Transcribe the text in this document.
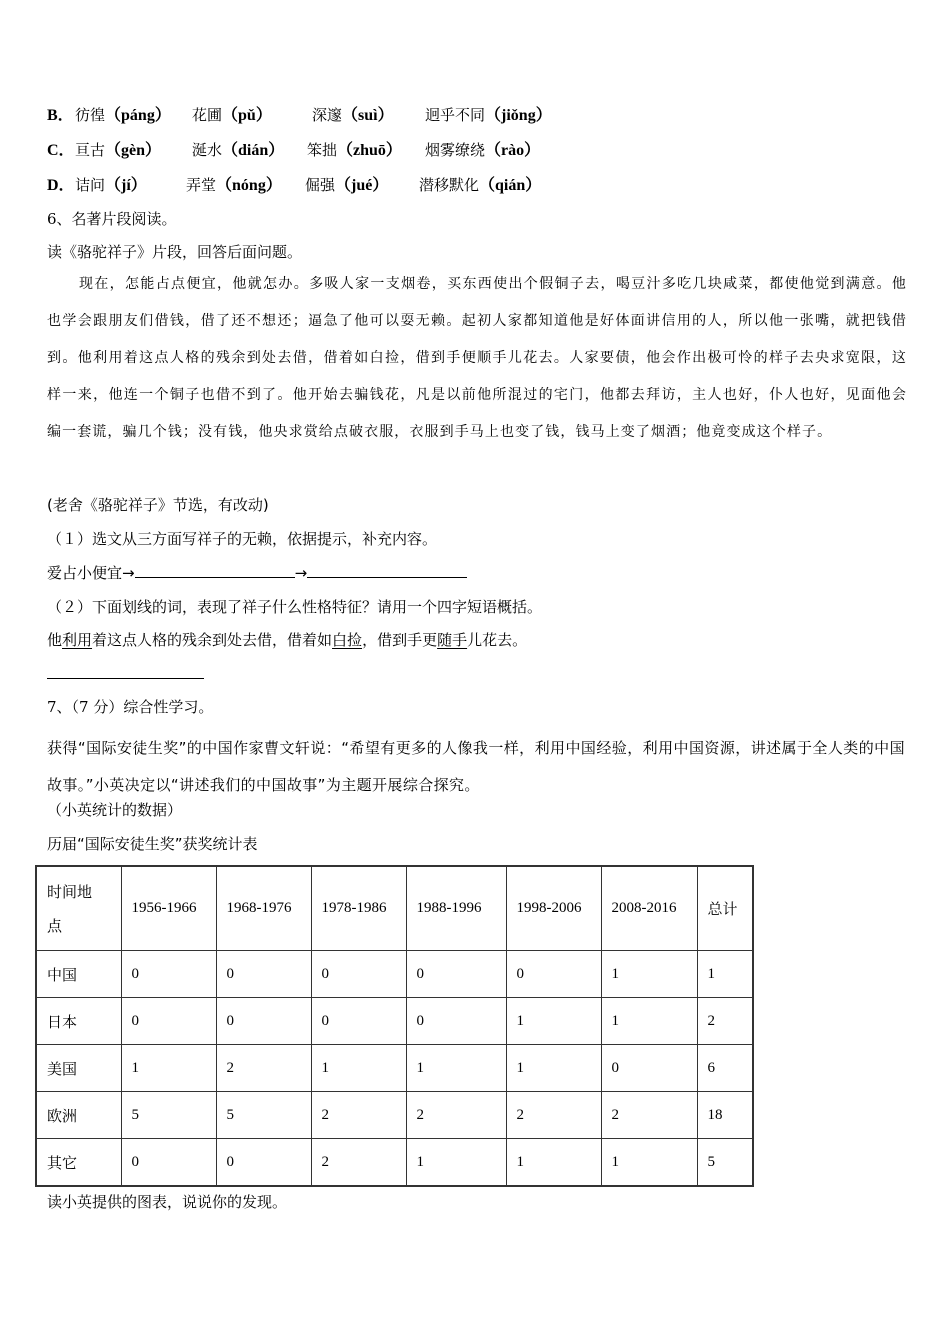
B． 彷徨（páng） 花圃（pǔ）	深邃（suì） 迥乎不同（jiǒng）
C． 亘古（gèn） 涎水（dián） 笨拙（zhuō） 烟雾缭绕（rào）
D． 诘问（jí）	弄堂（nóng） 倔强（jué） 潜移默化（qián）
6、名著片段阅读。
读《骆驼祥子》片段，回答后面问题。

现在，怎能占点便宜，他就怎办。多吸人家一支烟卷，买东西使出个假铜子去，喝豆汁多吃几块咸菜，都使他觉到满意。他也学会跟朋友们借钱，借了还不想还；逼急了他可以耍无赖。起初人家都知道他是好体面讲信用的人，所以他一张嘴，就把钱借到。他利用着这点人格的残余到处去借，借着如白捡，借到手便顺手儿花去。人家要债，他会作出极可怜的样子去央求宽限，这样一来，他连一个铜子也借不到了。他开始去骗钱花，凡是以前他所混过的宅门，他都去拜访，主人也好，仆人也好，见面他会编一套谎，骗几个钱；没有钱，他央求赏给点破衣服，衣服到手马上也变了钱，钱马上变了烟酒；他竟变成这个样子。

(老舍《骆驼祥子》节选，有改动)
（１）选文从三方面写祥子的无赖，依据提示，补充内容。
爱占小便宜→	→
（２）下面划线的词，表现了祥子什么性格特征？请用一个四字短语概括。
他利用着这点人格的残余到处去借，借着如白捡，借到手更随手儿花去。
7、（7 分）综合性学习。
获得“国际安徒生奖”的中国作家曹文轩说：“希望有更多的人像我一样，利用中国经验，利用中国资源，讲述属于全人类的中国故事。”小英决定以“讲述我们的中国故事”为主题开展综合探究。
（小英统计的数据）
历届“国际安徒生奖”获奖统计表
时间地
点	1956-1966	1968-1976	1978-1986	1988-1996	1998-2006	2008-2016	总计
中国	0	0	0	0	0	1	1
日本	0	0	0	0	1	1	2
美国	1	2	1	1	1	0	6
欧洲	5	5	2	2	2	2	18
其它	0	0	2	1	1	1	5
读小英提供的图表，说说你的发现。
